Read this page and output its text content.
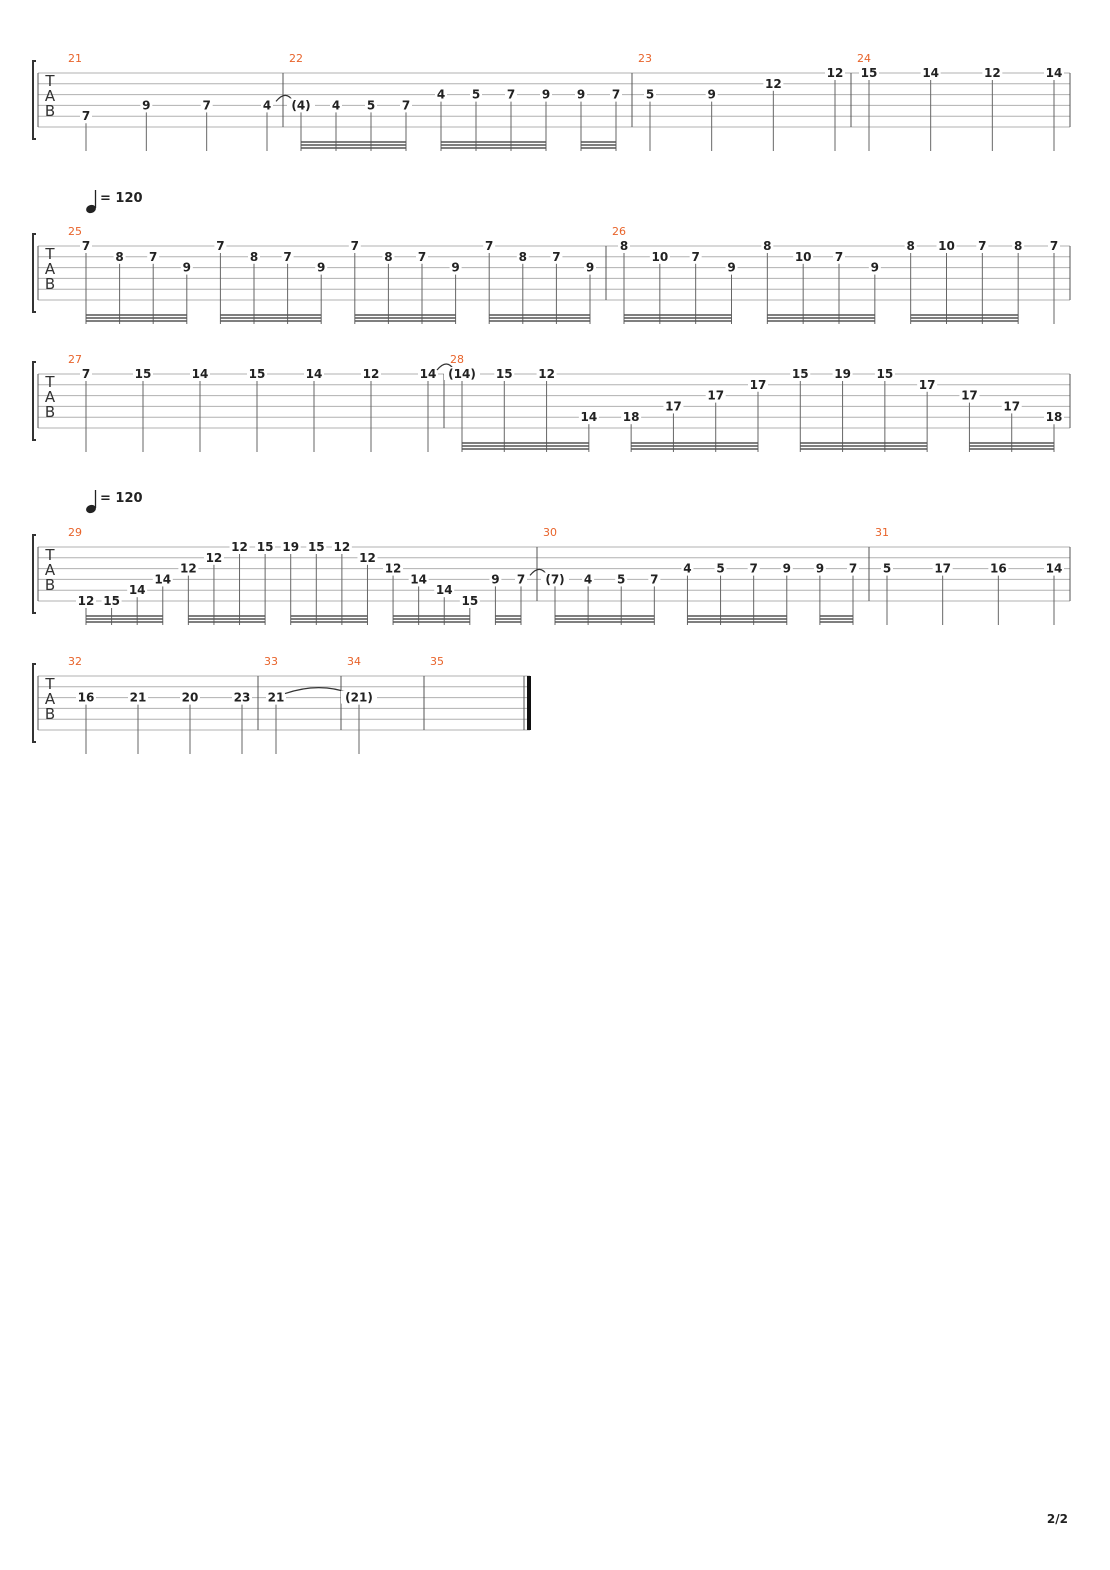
T
A
B
21
7
9	7	4
22
(4) 4 5 7
4 5 7 9 9 7
23
5	9
12
12
24
15	14	12	14
T
A
B
25
7
8 7
9
7
8 7
9
7
8 7
9
7
8 7
9
26
8
10 7
9
8
10 7
9
8 10 7 8 7
T
A
B
27
7	15	14	15	14	12	14
28
(14) 15 12
14 18
17
17
17
15 19 15
17
17
17
18
T
A
B
29
12 15
14
14
12
12
12 15 19 15 12
12
12
14
14
15
9 7
30
(7) 4 5 7
4 5 7 9 9 7
31
5	17	16	14
T
A
B
32
16	21	20	23
33
21
34
(21)
35
= 120
= 120
2/2
